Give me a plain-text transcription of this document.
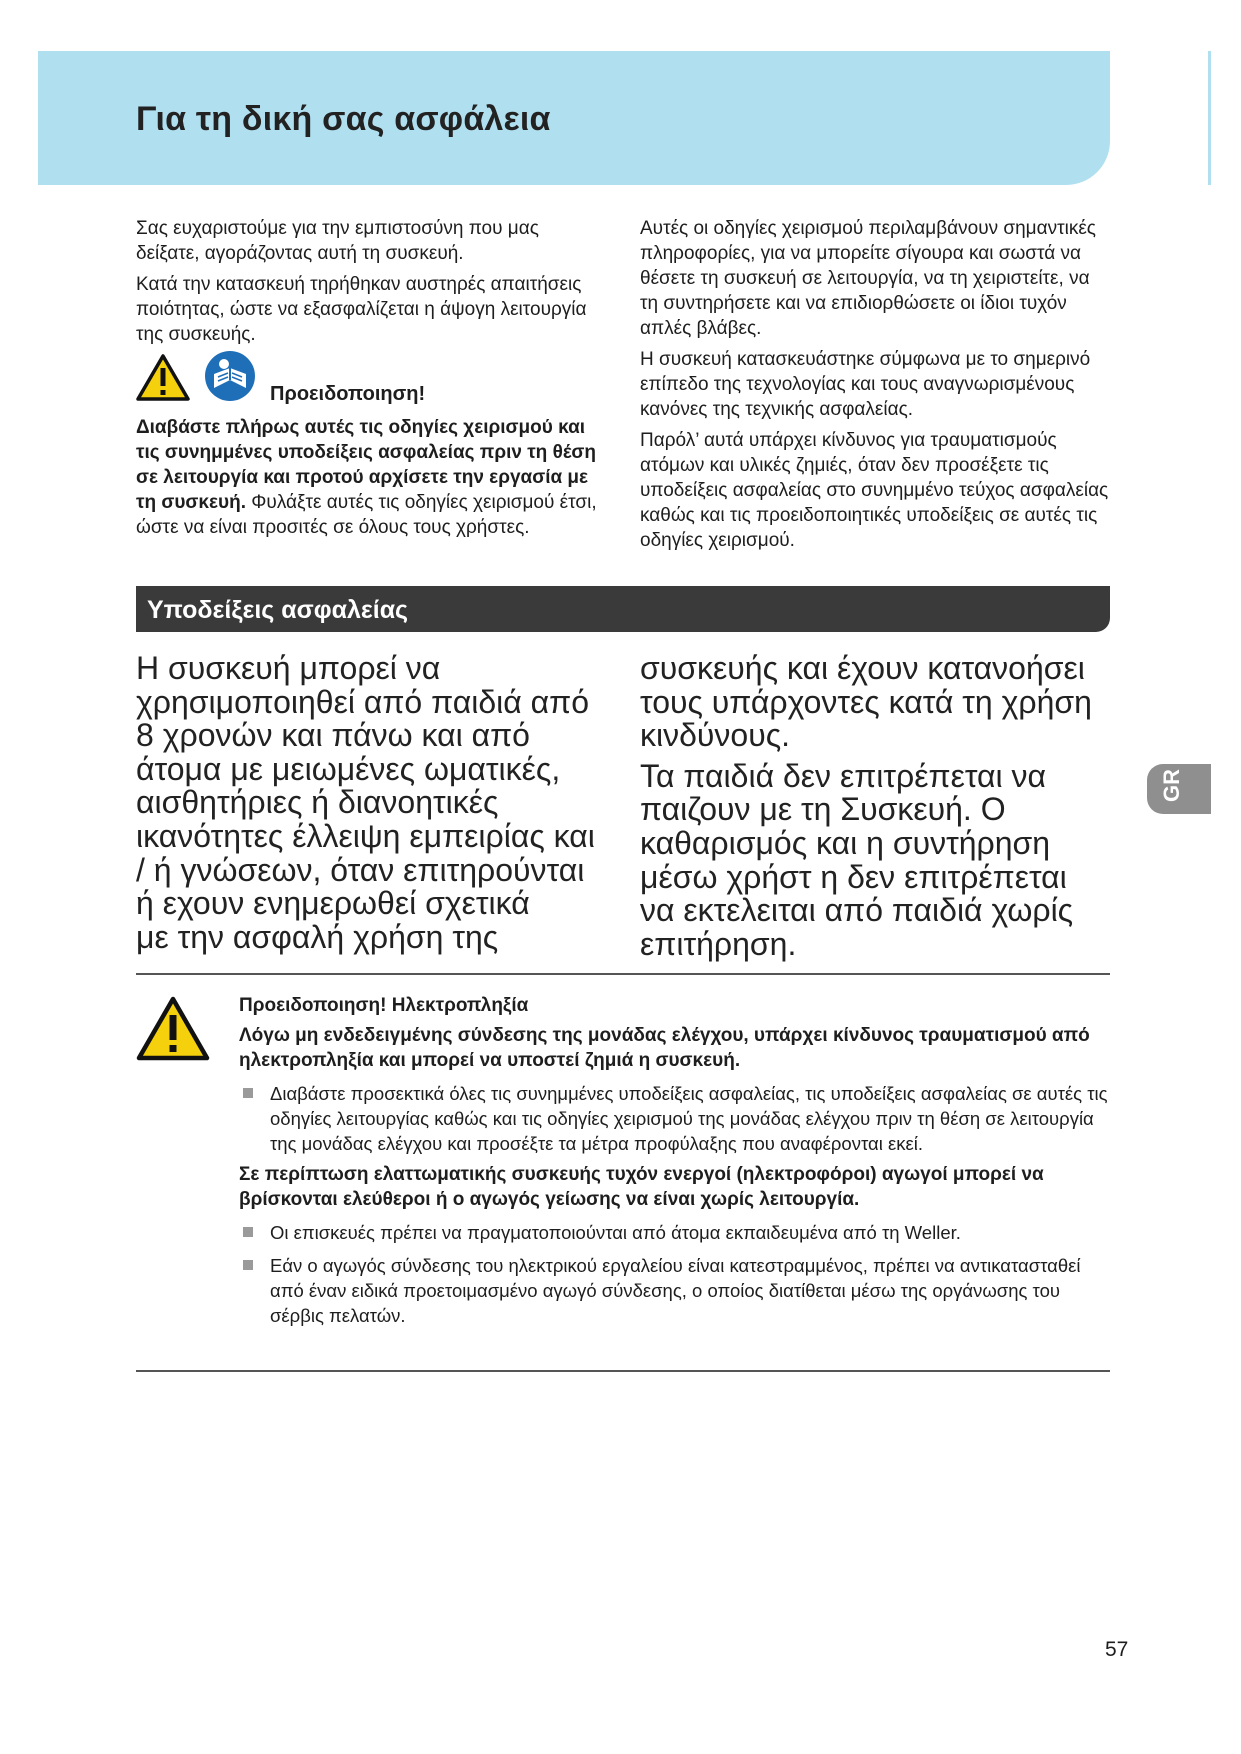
Για τη δική σας ασφάλεια

Σας ευχαριστούμε για την εμπιστοσύνη που μας δείξατε, αγοράζοντας αυτή τη συσκευή.

Κατά την κατασκευή τηρήθηκαν αυστηρές απαιτήσεις ποιότητας, ώστε να εξασφαλίζεται η άψογη λειτουργία της συσκευής.

Προειδοποιηση!

Διαβάστε πλήρως αυτές τις οδηγίες χειρισμού και τις συνημμένες υποδείξεις ασφαλείας πριν τη θέση σε λειτουργία και προτού αρχίσετε την εργασία με τη συσκευή. Φυλάξτε αυτές τις οδηγίες χειρισμού έτσι, ώστε να είναι προσιτές σε όλους τους χρήστες.

Αυτές οι οδηγίες χειρισμού περιλαμβάνουν σημαντικές πληροφορίες, για να μπορείτε σίγουρα και σωστά να θέσετε τη συσκευή σε λειτουργία, να τη χειριστείτε, να τη συντηρήσετε και να επιδιορθώσετε οι ίδιοι τυχόν απλές βλάβες.

Η συσκευή κατασκευάστηκε σύμφωνα με το σημερινό επίπεδο της τεχνολογίας και τους αναγνωρισμένους κανόνες της τεχνικής ασφαλείας.

Παρόλ’ αυτά υπάρχει κίνδυνος για τραυματισμούς ατόμων και υλικές ζημιές, όταν δεν προσέξετε τις υποδείξεις ασφαλείας στο συνημμένο τεύχος ασφαλείας καθώς και τις προειδοποιητικές υποδείξεις σε αυτές τις οδηγίες χειρισμού.

Υποδείξεις ασφαλείας
Η συσκευή μπορεί να
χρησιμοποιηθεί από παιδιά από
8 χρονών και πάνω και από
άτομα με μειωμένες ωματικές,
αισθητήριες ή διανοητικές
ικανότητες έλλειψη εμπειρίας και
/ ή γνώσεων, όταν επιτηρούνται
ή εχουν ενημερωθεί σχετικά
με την ασφαλή χρήση της
συσκευής και έχουν κατανοήσει
τους υπάρχοντες κατά τη χρήση
κινδύνους.
Τα παιδιά δεν επιτρέπεται να
παιζουν με τη Συσκευή. Ο
καθαρισμός και η συντήρηση
μέσω χρήστ η δεν επιτρέπεται
να εκτελειται από παιδιά χωρίς
επιτήρηση.
GR

Προειδοποιηση! Ηλεκτροπληξία

Λόγω μη ενδεδειγμένης σύνδεσης της μονάδας ελέγχου, υπάρχει κίνδυνος τραυματισμού από ηλεκτροπληξία και μπορεί να υποστεί ζημιά η συσκευή.

Διαβάστε προσεκτικά όλες τις συνημμένες υποδείξεις ασφαλείας, τις υποδείξεις ασφαλείας σε αυτές τις οδηγίες λειτουργίας καθώς και τις οδηγίες χειρισμού της μονάδας ελέγχου πριν τη θέση σε λειτουργία της μονάδας ελέγχου και προσέξτε τα μέτρα προφύλαξης που αναφέρονται εκεί.

Σε περίπτωση ελαττωματικής συσκευής τυχόν ενεργοί (ηλεκτροφόροι) αγωγοί μπορεί να βρίσκονται ελεύθεροι ή ο αγωγός γείωσης να είναι χωρίς λειτουργία.

Οι επισκευές πρέπει να πραγματοποιούνται από άτομα εκπαιδευμένα από τη Weller.
Εάν ο αγωγός σύνδεσης του ηλεκτρικού εργαλείου είναι κατεστραμμένος, πρέπει να αντικατασταθεί από έναν ειδικά προετοιμασμένο αγωγό σύνδεσης, ο οποίος διατίθεται μέσω της οργάνωσης του σέρβις πελατών.
57
